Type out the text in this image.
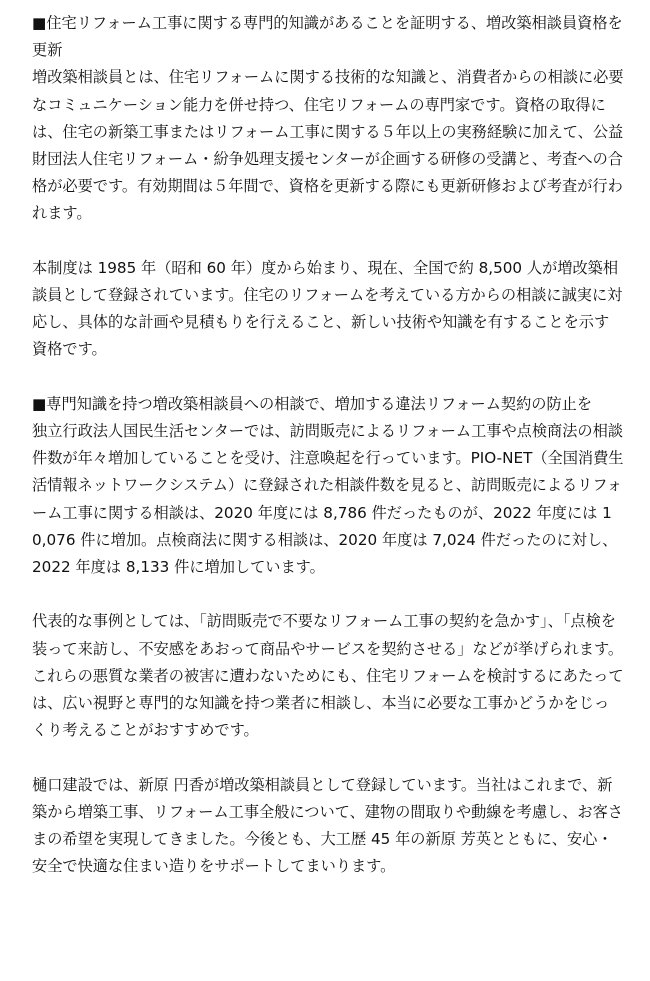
■住宅リフォーム工事に関する専門的知識があることを証明する、増改築相談員資格を更新

増改築相談員とは、住宅リフォームに関する技術的な知識と、消費者からの相談に必要なコミュニケーション能力を併せ持つ、住宅リフォームの専門家です。資格の取得には、住宅の新築工事またはリフォーム工事に関する５年以上の実務経験に加えて、公益財団法人住宅リフォーム・紛争処理支援センターが企画する研修の受講と、考査への合格が必要です。有効期間は５年間で、資格を更新する際にも更新研修および考査が行われます。

本制度は 1985 年（昭和 60 年）度から始まり、現在、全国で約 8,500 人が増改築相談員として登録されています。住宅のリフォームを考えている方からの相談に誠実に対応し、具体的な計画や見積もりを行えること、新しい技術や知識を有することを示す資格です。

■専門知識を持つ増改築相談員への相談で、増加する違法リフォーム契約の防止を

独立行政法人国民生活センターでは、訪問販売によるリフォーム工事や点検商法の相談件数が年々増加していることを受け、注意喚起を行っています。PIO-NET（全国消費生活情報ネットワークシステム）に登録された相談件数を見ると、訪問販売によるリフォーム工事に関する相談は、2020 年度には 8,786 件だったものが、2022 年度には 10,076 件に増加。点検商法に関する相談は、2020 年度は 7,024 件だったのに対し、2022 年度は 8,133 件に増加しています。

代表的な事例としては、「訪問販売で不要なリフォーム工事の契約を急かす」、「点検を装って来訪し、不安感をあおって商品やサービスを契約させる」などが挙げられます。これらの悪質な業者の被害に遭わないためにも、住宅リフォームを検討するにあたっては、広い視野と専門的な知識を持つ業者に相談し、本当に必要な工事かどうかをじっくり考えることがおすすめです。

樋口建設では、新原 円香が増改築相談員として登録しています。当社はこれまで、新築から増築工事、リフォーム工事全般について、建物の間取りや動線を考慮し、お客さまの希望を実現してきました。今後とも、大工歴 45 年の新原 芳英とともに、安心・安全で快適な住まい造りをサポートしてまいります。
